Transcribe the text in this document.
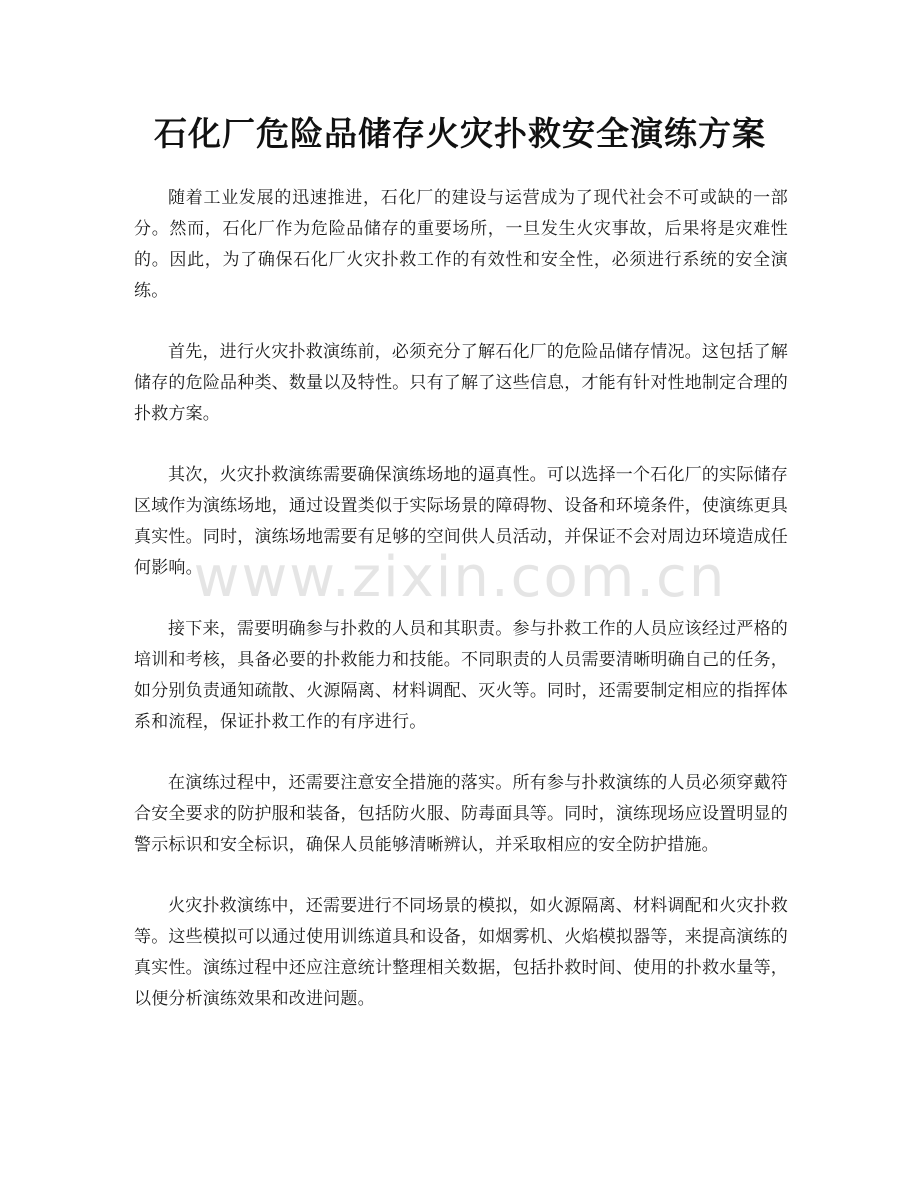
石化厂危险品储存火灾扑救安全演练方案

随着工业发展的迅速推进，石化厂的建设与运营成为了现代社会不可或缺的一部分。然而，石化厂作为危险品储存的重要场所，一旦发生火灾事故，后果将是灾难性的。因此，为了确保石化厂火灾扑救工作的有效性和安全性，必须进行系统的安全演练。

首先，进行火灾扑救演练前，必须充分了解石化厂的危险品储存情况。这包括了解储存的危险品种类、数量以及特性。只有了解了这些信息，才能有针对性地制定合理的扑救方案。

其次，火灾扑救演练需要确保演练场地的逼真性。可以选择一个石化厂的实际储存区域作为演练场地，通过设置类似于实际场景的障碍物、设备和环境条件，使演练更具真实性。同时，演练场地需要有足够的空间供人员活动，并保证不会对周边环境造成任何影响。

接下来，需要明确参与扑救的人员和其职责。参与扑救工作的人员应该经过严格的培训和考核，具备必要的扑救能力和技能。不同职责的人员需要清晰明确自己的任务，如分别负责通知疏散、火源隔离、材料调配、灭火等。同时，还需要制定相应的指挥体系和流程，保证扑救工作的有序进行。

在演练过程中，还需要注意安全措施的落实。所有参与扑救演练的人员必须穿戴符合安全要求的防护服和装备，包括防火服、防毒面具等。同时，演练现场应设置明显的警示标识和安全标识，确保人员能够清晰辨认，并采取相应的安全防护措施。

火灾扑救演练中，还需要进行不同场景的模拟，如火源隔离、材料调配和火灾扑救等。这些模拟可以通过使用训练道具和设备，如烟雾机、火焰模拟器等，来提高演练的真实性。演练过程中还应注意统计整理相关数据，包括扑救时间、使用的扑救水量等，以便分析演练效果和改进问题。

www.zixin.com.cn
